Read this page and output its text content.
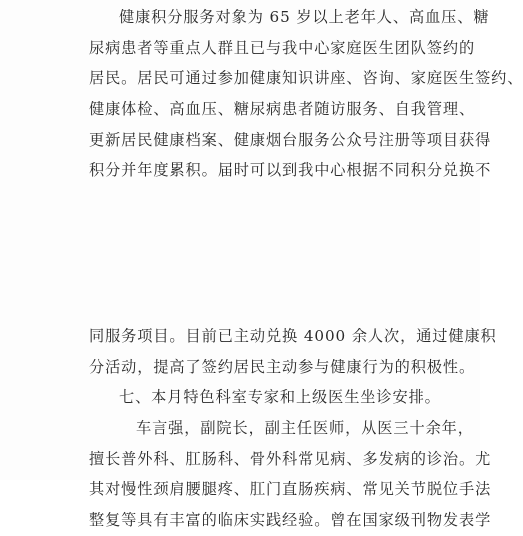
健康积分服务对象为 65 岁以上老年人、高血压、糖
尿病患者等重点人群且已与我中心家庭医生团队签约的
居民。居民可通过参加健康知识讲座、咨询、家庭医生签约、
健康体检、高血压、糖尿病患者随访服务、自我管理、
更新居民健康档案、健康烟台服务公众号注册等项目获得
积分并年度累积。届时可以到我中心根据不同积分兑换不
同服务项目。目前已主动兑换 4000 余人次，通过健康积
分活动，提高了签约居民主动参与健康行为的积极性。
七、本月特色科室专家和上级医生坐诊安排。
车言强，副院长，副主任医师，从医三十余年，
擅长普外科、肛肠科、骨外科常见病、多发病的诊治。尤
其对慢性颈肩腰腿疼、肛门直肠疾病、常见关节脱位手法
整复等具有丰富的临床实践经验。曾在国家级刊物发表学
